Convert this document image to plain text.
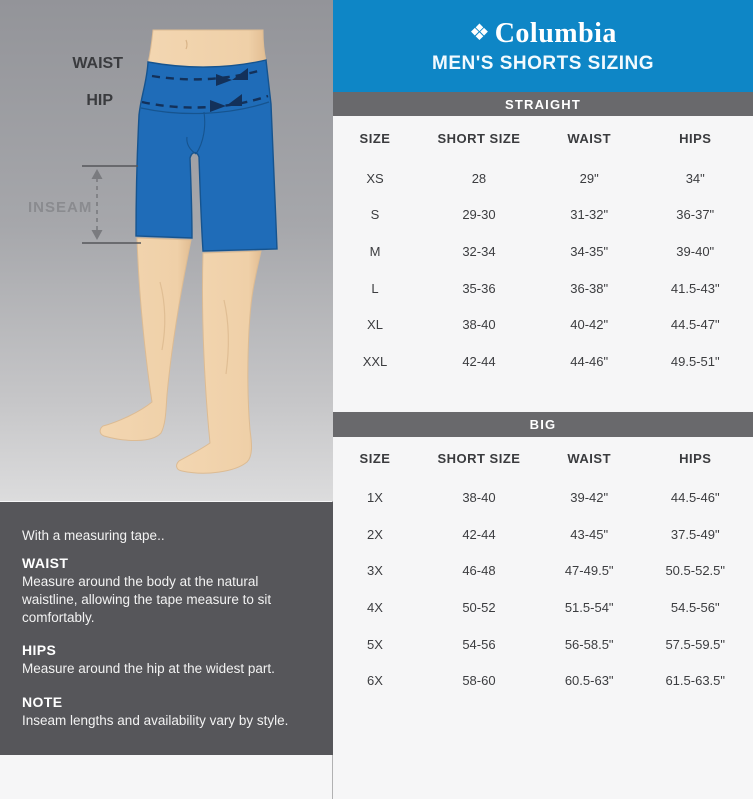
WAIST
HIP
INSEAM

With a measuring tape..

WAIST

Measure around the body at the natural waistline, allowing the tape measure to sit comfortably.

HIPS

Measure around the hip at the widest part.

NOTE

Inseam lengths and availability vary by style.

❖ Columbia
MEN'S SHORTS SIZING
STRAIGHT
SIZE	SHORT SIZE	WAIST	HIPS
XS	28	29"	34"
S	29-30	31-32"	36-37"
M	32-34	34-35"	39-40"
L	35-36	36-38"	41.5-43"
XL	38-40	40-42"	44.5-47"
XXL	42-44	44-46"	49.5-51"
BIG
SIZE	SHORT SIZE	WAIST	HIPS
1X	38-40	39-42"	44.5-46"
2X	42-44	43-45"	37.5-49"
3X	46-48	47-49.5"	50.5-52.5"
4X	50-52	51.5-54"	54.5-56"
5X	54-56	56-58.5"	57.5-59.5"
6X	58-60	60.5-63"	61.5-63.5"
